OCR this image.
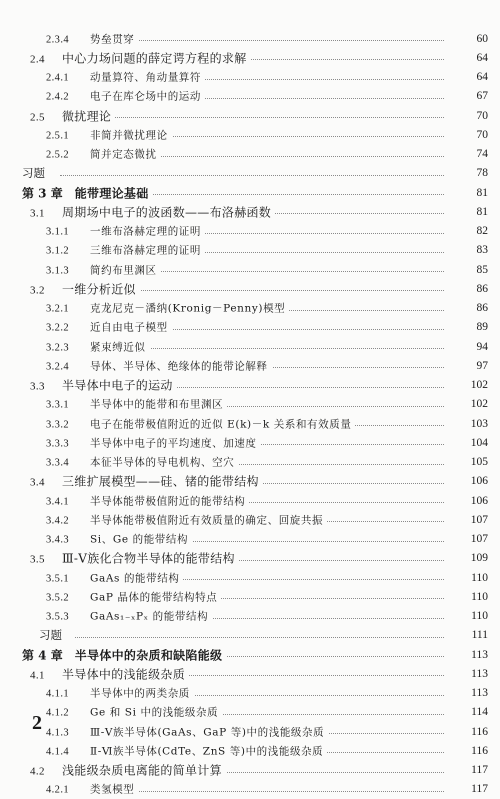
2.3.4	势垒贯穿	60
2.4	中心力场问题的薛定谔方程的求解	64
2.4.1	动量算符、角动量算符	64
2.4.2	电子在库仑场中的运动	67
2.5	微扰理论	70
2.5.1	非简并微扰理论	70
2.5.2	简并定态微扰	74
习题	78
第 3 章 能带理论基础	81
3.1	周期场中电子的波函数——布洛赫函数	81
3.1.1	一维布洛赫定理的证明	82
3.1.2	三维布洛赫定理的证明	83
3.1.3	简约布里渊区	85
3.2	一维分析近似	86
3.2.1	克龙尼克－潘纳(Kronig－Penny)模型	86
3.2.2	近自由电子模型	89
3.2.3	紧束缚近似	94
3.2.4	导体、半导体、绝缘体的能带论解释	97
3.3	半导体中电子的运动	102
3.3.1	半导体中的能带和布里渊区	102
3.3.2	电子在能带极值附近的近似 E(k)－k 关系和有效质量	103
3.3.3	半导体中电子的平均速度、加速度	104
3.3.4	本征半导体的导电机构、空穴	105
3.4	三维扩展模型——硅、锗的能带结构	106
3.4.1	半导体能带极值附近的能带结构	106
3.4.2	半导体能带极值附近有效质量的确定、回旋共振	107
3.4.3	Si、Ge 的能带结构	107
3.5	Ⅲ-Ⅴ族化合物半导体的能带结构	109
3.5.1	GaAs 的能带结构	110
3.5.2	GaP 晶体的能带结构特点	110
3.5.3	GaAs₁₋ₓPₓ 的能带结构	110
习题	111
第 4 章 半导体中的杂质和缺陷能级	113
4.1	半导体中的浅能级杂质	113
4.1.1	半导体中的两类杂质	113
4.1.2	Ge 和 Si 中的浅能级杂质	114
4.1.3	Ⅲ-Ⅴ族半导体(GaAs、GaP 等)中的浅能级杂质	116
4.1.4	Ⅱ-Ⅵ族半导体(CdTe、ZnS 等)中的浅能级杂质	116
4.2	浅能级杂质电离能的简单计算	117
4.2.1	类氢模型	117
2
